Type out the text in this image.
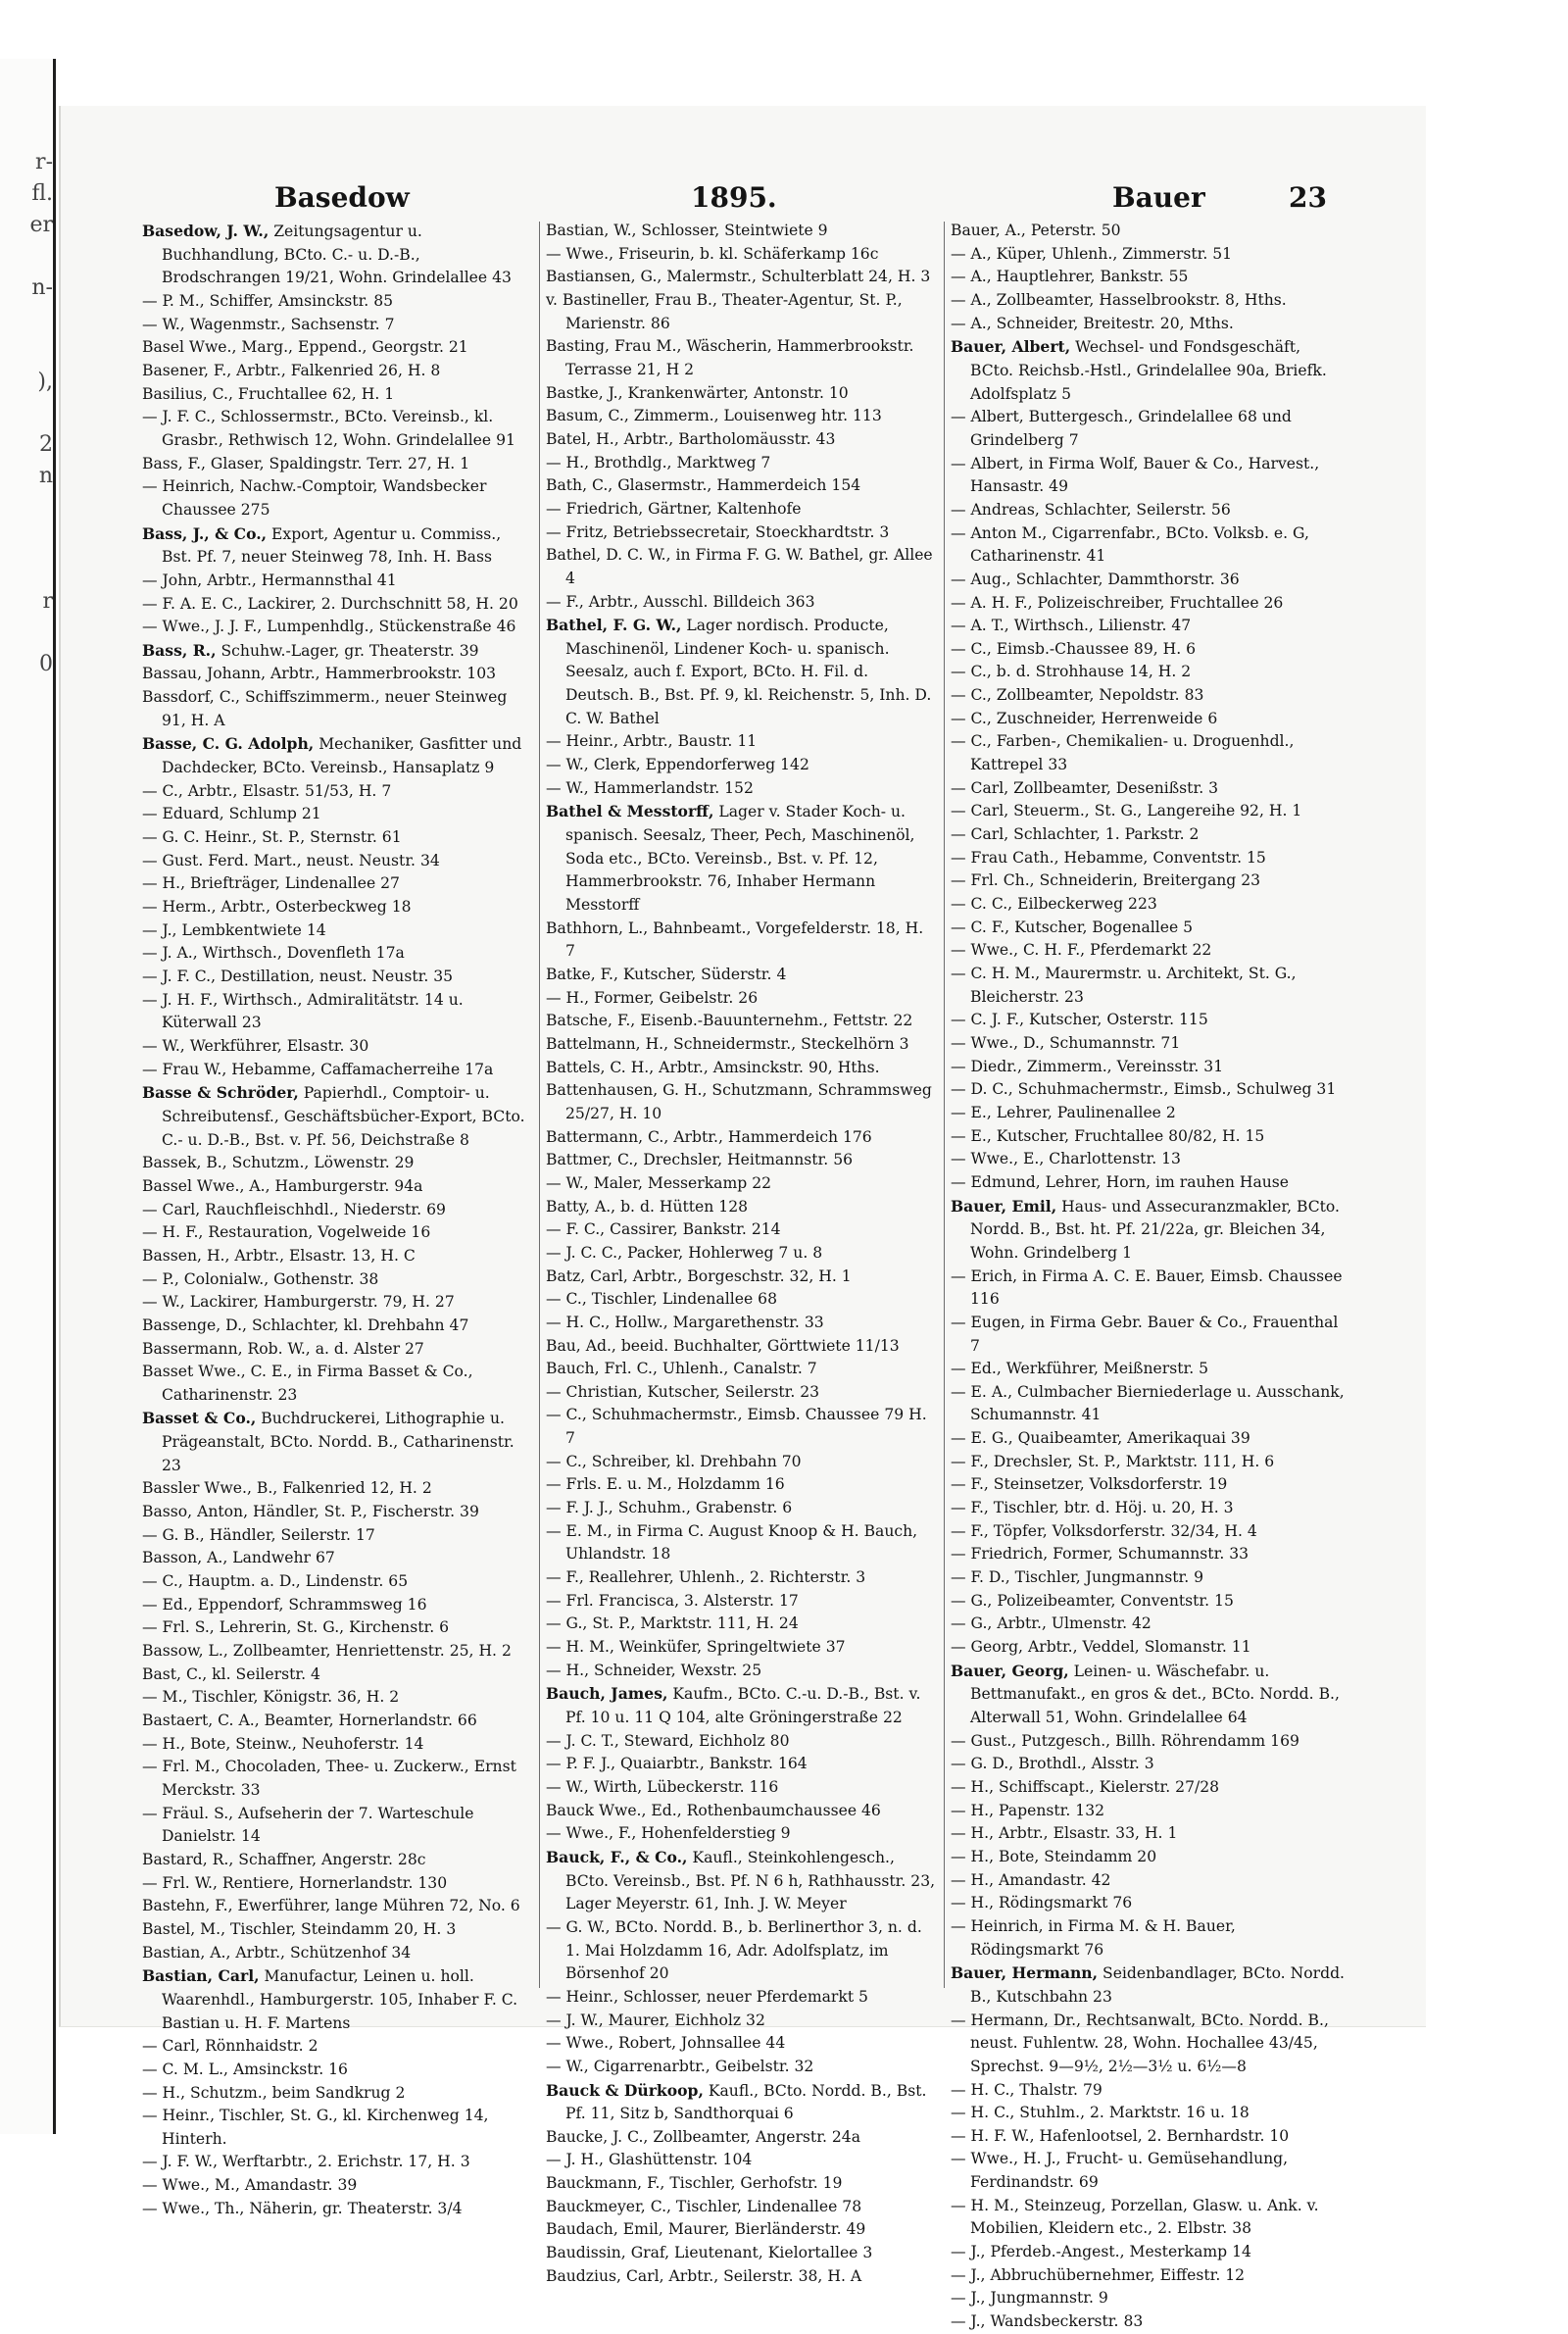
r-
fl.
er

n-

),

2
n

r

0
Basedow	1895.	Bauer	23
Basedow, J. W., Zeitungsagentur u. Buchhandlung, BCto. C.- u. D.-B., Brodschrangen 19/21, Wohn. Grindelallee 43
— P. M., Schiffer, Amsinckstr. 85
— W., Wagenmstr., Sachsenstr. 7
Basel Wwe., Marg., Eppend., Georgstr. 21
Basener, F., Arbtr., Falkenried 26, H. 8
Basilius, C., Fruchtallee 62, H. 1
— J. F. C., Schlossermstr., BCto. Vereinsb., kl. Grasbr., Rethwisch 12, Wohn. Grindelallee 91
Bass, F., Glaser, Spaldingstr. Terr. 27, H. 1
— Heinrich, Nachw.-Comptoir, Wandsbecker Chaussee 275
Bass, J., & Co., Export, Agentur u. Commiss., Bst. Pf. 7, neuer Steinweg 78, Inh. H. Bass
— John, Arbtr., Hermannsthal 41
— F. A. E. C., Lackirer, 2. Durchschnitt 58, H. 20
— Wwe., J. J. F., Lumpenhdlg., Stückenstraße 46
Bass, R., Schuhw.-Lager, gr. Theaterstr. 39
Bassau, Johann, Arbtr., Hammerbrookstr. 103
Bassdorf, C., Schiffszimmerm., neuer Steinweg 91, H. A
Basse, C. G. Adolph, Mechaniker, Gasfitter und Dachdecker, BCto. Vereinsb., Hansaplatz 9
— C., Arbtr., Elsastr. 51/53, H. 7
— Eduard, Schlump 21
— G. C. Heinr., St. P., Sternstr. 61
— Gust. Ferd. Mart., neust. Neustr. 34
— H., Briefträger, Lindenallee 27
— Herm., Arbtr., Osterbeckweg 18
— J., Lembkentwiete 14
— J. A., Wirthsch., Dovenfleth 17a
— J. F. C., Destillation, neust. Neustr. 35
— J. H. F., Wirthsch., Admiralitätstr. 14 u. Küterwall 23
— W., Werkführer, Elsastr. 30
— Frau W., Hebamme, Caffamacherreihe 17a
Basse & Schröder, Papierhdl., Comptoir- u. Schreibutensf., Geschäftsbücher-Export, BCto. C.- u. D.-B., Bst. v. Pf. 56, Deichstraße 8
Bassek, B., Schutzm., Löwenstr. 29
Bassel Wwe., A., Hamburgerstr. 94a
— Carl, Rauchfleischhdl., Niederstr. 69
— H. F., Restauration, Vogelweide 16
Bassen, H., Arbtr., Elsastr. 13, H. C
— P., Colonialw., Gothenstr. 38
— W., Lackirer, Hamburgerstr. 79, H. 27
Bassenge, D., Schlachter, kl. Drehbahn 47
Bassermann, Rob. W., a. d. Alster 27
Basset Wwe., C. E., in Firma Basset & Co., Catharinenstr. 23
Basset & Co., Buchdruckerei, Lithographie u. Prägeanstalt, BCto. Nordd. B., Catharinenstr. 23
Bassler Wwe., B., Falkenried 12, H. 2
Basso, Anton, Händler, St. P., Fischerstr. 39
— G. B., Händler, Seilerstr. 17
Basson, A., Landwehr 67
— C., Hauptm. a. D., Lindenstr. 65
— Ed., Eppendorf, Schrammsweg 16
— Frl. S., Lehrerin, St. G., Kirchenstr. 6
Bassow, L., Zollbeamter, Henriettenstr. 25, H. 2
Bast, C., kl. Seilerstr. 4
— M., Tischler, Königstr. 36, H. 2
Bastaert, C. A., Beamter, Hornerlandstr. 66
— H., Bote, Steinw., Neuhoferstr. 14
— Frl. M., Chocoladen, Thee- u. Zuckerw., Ernst Merckstr. 33
— Fräul. S., Aufseherin der 7. Warteschule Danielstr. 14
Bastard, R., Schaffner, Angerstr. 28c
— Frl. W., Rentiere, Hornerlandstr. 130
Bastehn, F., Ewerführer, lange Mühren 72, No. 6
Bastel, M., Tischler, Steindamm 20, H. 3
Bastian, A., Arbtr., Schützenhof 34
Bastian, Carl, Manufactur, Leinen u. holl. Waarenhdl., Hamburgerstr. 105, Inhaber F. C. Bastian u. H. F. Martens
— Carl, Rönnhaidstr. 2
— C. M. L., Amsinckstr. 16
— H., Schutzm., beim Sandkrug 2
— Heinr., Tischler, St. G., kl. Kirchenweg 14, Hinterh.
— J. F. W., Werftarbtr., 2. Erichstr. 17, H. 3
— Wwe., M., Amandastr. 39
— Wwe., Th., Näherin, gr. Theaterstr. 3/4
Bastian, W., Schlosser, Steintwiete 9
— Wwe., Friseurin, b. kl. Schäferkamp 16c
Bastiansen, G., Malermstr., Schulterblatt 24, H. 3
v. Bastineller, Frau B., Theater-Agentur, St. P., Marienstr. 86
Basting, Frau M., Wäscherin, Hammerbrookstr. Terrasse 21, H 2
Bastke, J., Krankenwärter, Antonstr. 10
Basum, C., Zimmerm., Louisenweg htr. 113
Batel, H., Arbtr., Bartholomäusstr. 43
— H., Brothdlg., Marktweg 7
Bath, C., Glasermstr., Hammerdeich 154
— Friedrich, Gärtner, Kaltenhofe
— Fritz, Betriebssecretair, Stoeckhardtstr. 3
Bathel, D. C. W., in Firma F. G. W. Bathel, gr. Allee 4
— F., Arbtr., Ausschl. Billdeich 363
Bathel, F. G. W., Lager nordisch. Producte, Maschinenöl, Lindener Koch- u. spanisch. Seesalz, auch f. Export, BCto. H. Fil. d. Deutsch. B., Bst. Pf. 9, kl. Reichenstr. 5, Inh. D. C. W. Bathel
— Heinr., Arbtr., Baustr. 11
— W., Clerk, Eppendorferweg 142
— W., Hammerlandstr. 152
Bathel & Messtorff, Lager v. Stader Koch- u. spanisch. Seesalz, Theer, Pech, Maschinenöl, Soda etc., BCto. Vereinsb., Bst. v. Pf. 12, Hammerbrookstr. 76, Inhaber Hermann Messtorff
Bathhorn, L., Bahnbeamt., Vorgefelderstr. 18, H. 7
Batke, F., Kutscher, Süderstr. 4
— H., Former, Geibelstr. 26
Batsche, F., Eisenb.-Bauunternehm., Fettstr. 22
Battelmann, H., Schneidermstr., Steckelhörn 3
Battels, C. H., Arbtr., Amsinckstr. 90, Hths.
Battenhausen, G. H., Schutzmann, Schrammsweg 25/27, H. 10
Battermann, C., Arbtr., Hammerdeich 176
Battmer, C., Drechsler, Heitmannstr. 56
— W., Maler, Messerkamp 22
Batty, A., b. d. Hütten 128
— F. C., Cassirer, Bankstr. 214
— J. C. C., Packer, Hohlerweg 7 u. 8
Batz, Carl, Arbtr., Borgeschstr. 32, H. 1
— C., Tischler, Lindenallee 68
— H. C., Hollw., Margarethenstr. 33
Bau, Ad., beeid. Buchhalter, Görttwiete 11/13
Bauch, Frl. C., Uhlenh., Canalstr. 7
— Christian, Kutscher, Seilerstr. 23
— C., Schuhmachermstr., Eimsb. Chaussee 79 H. 7
— C., Schreiber, kl. Drehbahn 70
— Frls. E. u. M., Holzdamm 16
— F. J. J., Schuhm., Grabenstr. 6
— E. M., in Firma C. August Knoop & H. Bauch, Uhlandstr. 18
— F., Reallehrer, Uhlenh., 2. Richterstr. 3
— Frl. Francisca, 3. Alsterstr. 17
— G., St. P., Marktstr. 111, H. 24
— H. M., Weinküfer, Springeltwiete 37
— H., Schneider, Wexstr. 25
Bauch, James, Kaufm., BCto. C.-u. D.-B., Bst. v. Pf. 10 u. 11 Q 104, alte Gröningerstraße 22
— J. C. T., Steward, Eichholz 80
— P. F. J., Quaiarbtr., Bankstr. 164
— W., Wirth, Lübeckerstr. 116
Bauck Wwe., Ed., Rothenbaumchaussee 46
— Wwe., F., Hohenfelderstieg 9
Bauck, F., & Co., Kaufl., Steinkohlengesch., BCto. Vereinsb., Bst. Pf. N 6 h, Rathhausstr. 23, Lager Meyerstr. 61, Inh. J. W. Meyer
— G. W., BCto. Nordd. B., b. Berlinerthor 3, n. d. 1. Mai Holzdamm 16, Adr. Adolfsplatz, im Börsenhof 20
— Heinr., Schlosser, neuer Pferdemarkt 5
— J. W., Maurer, Eichholz 32
— Wwe., Robert, Johnsallee 44
— W., Cigarrenarbtr., Geibelstr. 32
Bauck & Dürkoop, Kaufl., BCto. Nordd. B., Bst. Pf. 11, Sitz b, Sandthorquai 6
Baucke, J. C., Zollbeamter, Angerstr. 24a
— J. H., Glashüttenstr. 104
Bauckmann, F., Tischler, Gerhofstr. 19
Bauckmeyer, C., Tischler, Lindenallee 78
Baudach, Emil, Maurer, Bierländerstr. 49
Baudissin, Graf, Lieutenant, Kielortallee 3
Baudzius, Carl, Arbtr., Seilerstr. 38, H. A
Bauer, A., Peterstr. 50
— A., Küper, Uhlenh., Zimmerstr. 51
— A., Hauptlehrer, Bankstr. 55
— A., Zollbeamter, Hasselbrookstr. 8, Hths.
— A., Schneider, Breitestr. 20, Mths.
Bauer, Albert, Wechsel- und Fondsgeschäft, BCto. Reichsb.-Hstl., Grindelallee 90a, Briefk. Adolfsplatz 5
— Albert, Buttergesch., Grindelallee 68 und Grindelberg 7
— Albert, in Firma Wolf, Bauer & Co., Harvest., Hansastr. 49
— Andreas, Schlachter, Seilerstr. 56
— Anton M., Cigarrenfabr., BCto. Volksb. e. G, Catharinenstr. 41
— Aug., Schlachter, Dammthorstr. 36
— A. H. F., Polizeischreiber, Fruchtallee 26
— A. T., Wirthsch., Lilienstr. 47
— C., Eimsb.-Chaussee 89, H. 6
— C., b. d. Strohhause 14, H. 2
— C., Zollbeamter, Nepoldstr. 83
— C., Zuschneider, Herrenweide 6
— C., Farben-, Chemikalien- u. Droguenhdl., Kattrepel 33
— Carl, Zollbeamter, Desenißstr. 3
— Carl, Steuerm., St. G., Langereihe 92, H. 1
— Carl, Schlachter, 1. Parkstr. 2
— Frau Cath., Hebamme, Conventstr. 15
— Frl. Ch., Schneiderin, Breitergang 23
— C. C., Eilbeckerweg 223
— C. F., Kutscher, Bogenallee 5
— Wwe., C. H. F., Pferdemarkt 22
— C. H. M., Maurermstr. u. Architekt, St. G., Bleicherstr. 23
— C. J. F., Kutscher, Osterstr. 115
— Wwe., D., Schumannstr. 71
— Diedr., Zimmerm., Vereinsstr. 31
— D. C., Schuhmachermstr., Eimsb., Schulweg 31
— E., Lehrer, Paulinenallee 2
— E., Kutscher, Fruchtallee 80/82, H. 15
— Wwe., E., Charlottenstr. 13
— Edmund, Lehrer, Horn, im rauhen Hause
Bauer, Emil, Haus- und Assecuranzmakler, BCto. Nordd. B., Bst. ht. Pf. 21/22a, gr. Bleichen 34, Wohn. Grindelberg 1
— Erich, in Firma A. C. E. Bauer, Eimsb. Chaussee 116
— Eugen, in Firma Gebr. Bauer & Co., Frauenthal 7
— Ed., Werkführer, Meißnerstr. 5
— E. A., Culmbacher Bierniederlage u. Ausschank, Schumannstr. 41
— E. G., Quaibeamter, Amerikaquai 39
— F., Drechsler, St. P., Marktstr. 111, H. 6
— F., Steinsetzer, Volksdorferstr. 19
— F., Tischler, btr. d. Höj. u. 20, H. 3
— F., Töpfer, Volksdorferstr. 32/34, H. 4
— Friedrich, Former, Schumannstr. 33
— F. D., Tischler, Jungmannstr. 9
— G., Polizeibeamter, Conventstr. 15
— G., Arbtr., Ulmenstr. 42
— Georg, Arbtr., Veddel, Slomanstr. 11
Bauer, Georg, Leinen- u. Wäschefabr. u. Bettmanufakt., en gros & det., BCto. Nordd. B., Alterwall 51, Wohn. Grindelallee 64
— Gust., Putzgesch., Billh. Röhrendamm 169
— G. D., Brothdl., Alsstr. 3
— H., Schiffscapt., Kielerstr. 27/28
— H., Papenstr. 132
— H., Arbtr., Elsastr. 33, H. 1
— H., Bote, Steindamm 20
— H., Amandastr. 42
— H., Rödingsmarkt 76
— Heinrich, in Firma M. & H. Bauer, Rödingsmarkt 76
Bauer, Hermann, Seidenbandlager, BCto. Nordd. B., Kutschbahn 23
— Hermann, Dr., Rechtsanwalt, BCto. Nordd. B., neust. Fuhlentw. 28, Wohn. Hochallee 43/45, Sprechst. 9—9½, 2½—3½ u. 6½—8
— H. C., Thalstr. 79
— H. C., Stuhlm., 2. Marktstr. 16 u. 18
— H. F. W., Hafenlootsel, 2. Bernhardstr. 10
— Wwe., H. J., Frucht- u. Gemüsehandlung, Ferdinandstr. 69
— H. M., Steinzeug, Porzellan, Glasw. u. Ank. v. Mobilien, Kleidern etc., 2. Elbstr. 38
— J., Pferdeb.-Angest., Mesterkamp 14
— J., Abbruchübernehmer, Eiffestr. 12
— J., Jungmannstr. 9
— J., Wandsbeckerstr. 83
